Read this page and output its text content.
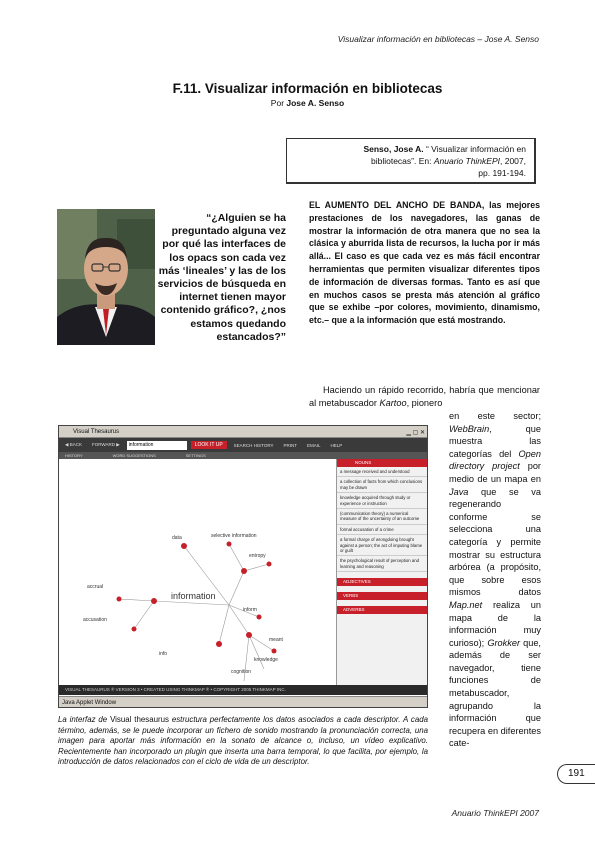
Visualizar información en bibliotecas – Jose A. Senso
F.11. Visualizar información en bibliotecas
Por Jose A. Senso
Senso, Jose A. “ Visualizar información en
bibliotecas”. En: Anuario ThinkEPI, 2007,
pp. 191-194.
“¿Alguien se ha preguntado alguna vez por qué las interfaces de los opacs son cada vez más ‘lineales’ y las de los servicios de búsqueda en internet tienen mayor contenido gráfico?, ¿nos estamos quedando estancados?”
EL AUMENTO DEL ANCHO DE BANDA, las mejores prestaciones de los navegadores, las ganas de mostrar la información de otra manera que no sea la clásica y aburrida lista de recursos, la lucha por ir más allá... El caso es que cada vez es más fácil encontrar herramientas que permiten visualizar diferentes tipos de información de diversas formas. Tanto es así que en muchos casos se presta más atención al gráfico que se exhibe –por colores, movimiento, dinamismo, etc.– que a la información que está mostrando.
Haciendo un rápido recorrido, habría que mencionar al metabuscador Kartoo, pionero
en este sector; WebBrain, que muestra las categorías del Open directory project por medio de un mapa en Java que se va regenerando conforme se selecciona una categoría y permite mostrar su estructura arbórea (a propósito, que sobre esos mismos datos Map.net realiza un mapa de la información muy curioso); Grokker que, además de ser navegador, tiene funciones de metabuscador, agrupando la información que recupera en diferentes cate-
Visual Thesaurus	▁ ▢ ✕
◀ BACK	FORWARD ▶	information	LOOK IT UP	SEARCH HISTORY	PRINT	EMAIL	HELP
HISTORY	WORD SUGGESTIONS	SETTINGS
information
data	selective information
entropy
accrual
accusation
info
inform
meant
knowledge
cognition
NOUNS
a message received and understood
a collection of facts from which conclusions may be drawn
knowledge acquired through study or experience or instruction
(communication theory) a numerical measure of the uncertainty of an outcome
formal accusation of a crime
a formal charge of wrongdoing brought against a person; the act of imputing blame or guilt
the psychological result of perception and learning and reasoning
ADJECTIVES
VERBS
ADVERBS
VISUAL THESAURUS ® VERSION 3 • CREATED USING THINKMAP ® • COPYRIGHT 2005 THINKMAP INC.
Java Applet Window
La interfaz de Visual thesaurus estructura perfectamente los datos asociados a cada descriptor. A cada término, además, se le puede incorporar un fichero de sonido mostrando la pronunciación correcta, una imagen para aportar más información en la sonato de alcance o, incluso, un vídeo explicativo. Recientemente han incorporado un plugin que inserta una barra temporal, lo que facilita, por ejemplo, la introducción de datos relacionados con el ciclo de vida de un descriptor.
191
Anuario ThinkEPI 2007
